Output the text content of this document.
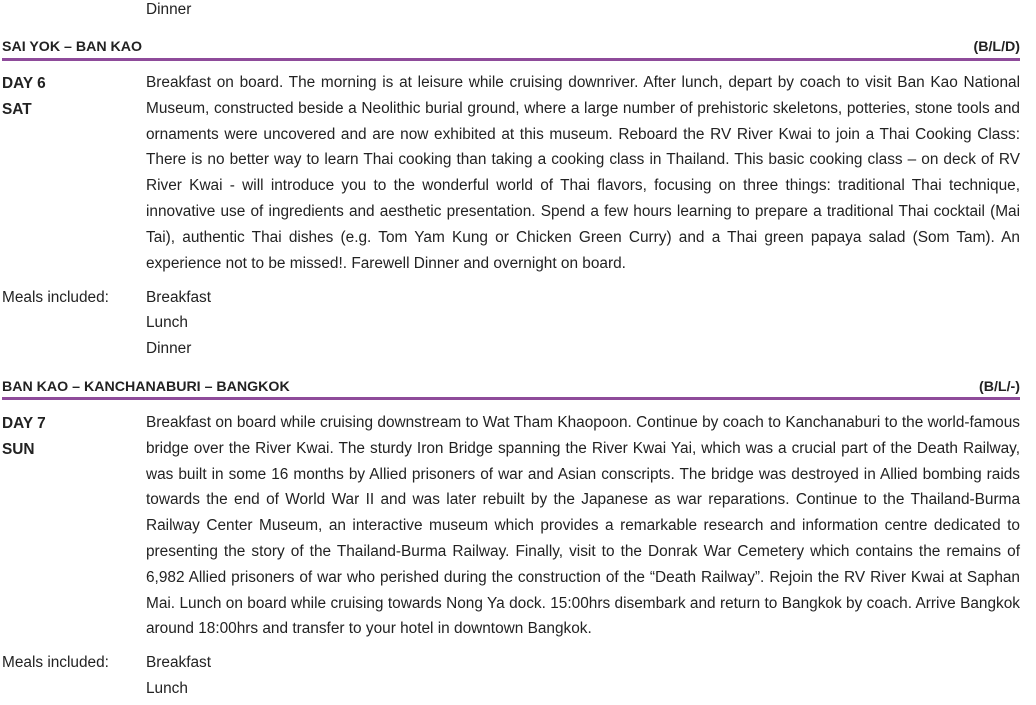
Dinner
SAI YOK – BAN KAO	(B/L/D)
DAY 6
SAT

Breakfast on board. The morning is at leisure while cruising downriver. After lunch, depart by coach to visit Ban Kao National Museum, constructed beside a Neolithic burial ground, where a large number of prehistoric skeletons, potteries, stone tools and ornaments were uncovered and are now exhibited at this museum. Reboard the RV River Kwai to join a Thai Cooking Class: There is no better way to learn Thai cooking than taking a cooking class in Thailand. This basic cooking class – on deck of RV River Kwai - will introduce you to the wonderful world of Thai flavors, focusing on three things: traditional Thai technique, innovative use of ingredients and aesthetic presentation. Spend a few hours learning to prepare a traditional Thai cocktail (Mai Tai), authentic Thai dishes (e.g. Tom Yam Kung or Chicken Green Curry) and a Thai green papaya salad (Som Tam). An experience not to be missed!. Farewell Dinner and overnight on board.

Meals included: Breakfast
Lunch
Dinner
BAN KAO – KANCHANABURI – BANGKOK	(B/L/-)
DAY 7
SUN

Breakfast on board while cruising downstream to Wat Tham Khaopoon. Continue by coach to Kanchanaburi to the world-famous bridge over the River Kwai. The sturdy Iron Bridge spanning the River Kwai Yai, which was a crucial part of the Death Railway, was built in some 16 months by Allied prisoners of war and Asian conscripts. The bridge was destroyed in Allied bombing raids towards the end of World War II and was later rebuilt by the Japanese as war reparations. Continue to the Thailand-Burma Railway Center Museum, an interactive museum which provides a remarkable research and information centre dedicated to presenting the story of the Thailand-Burma Railway. Finally, visit to the Donrak War Cemetery which contains the remains of 6,982 Allied prisoners of war who perished during the construction of the “Death Railway”. Rejoin the RV River Kwai at Saphan Mai. Lunch on board while cruising towards Nong Ya dock. 15:00hrs disembark and return to Bangkok by coach. Arrive Bangkok around 18:00hrs and transfer to your hotel in downtown Bangkok.

Meals included: Breakfast
Lunch
